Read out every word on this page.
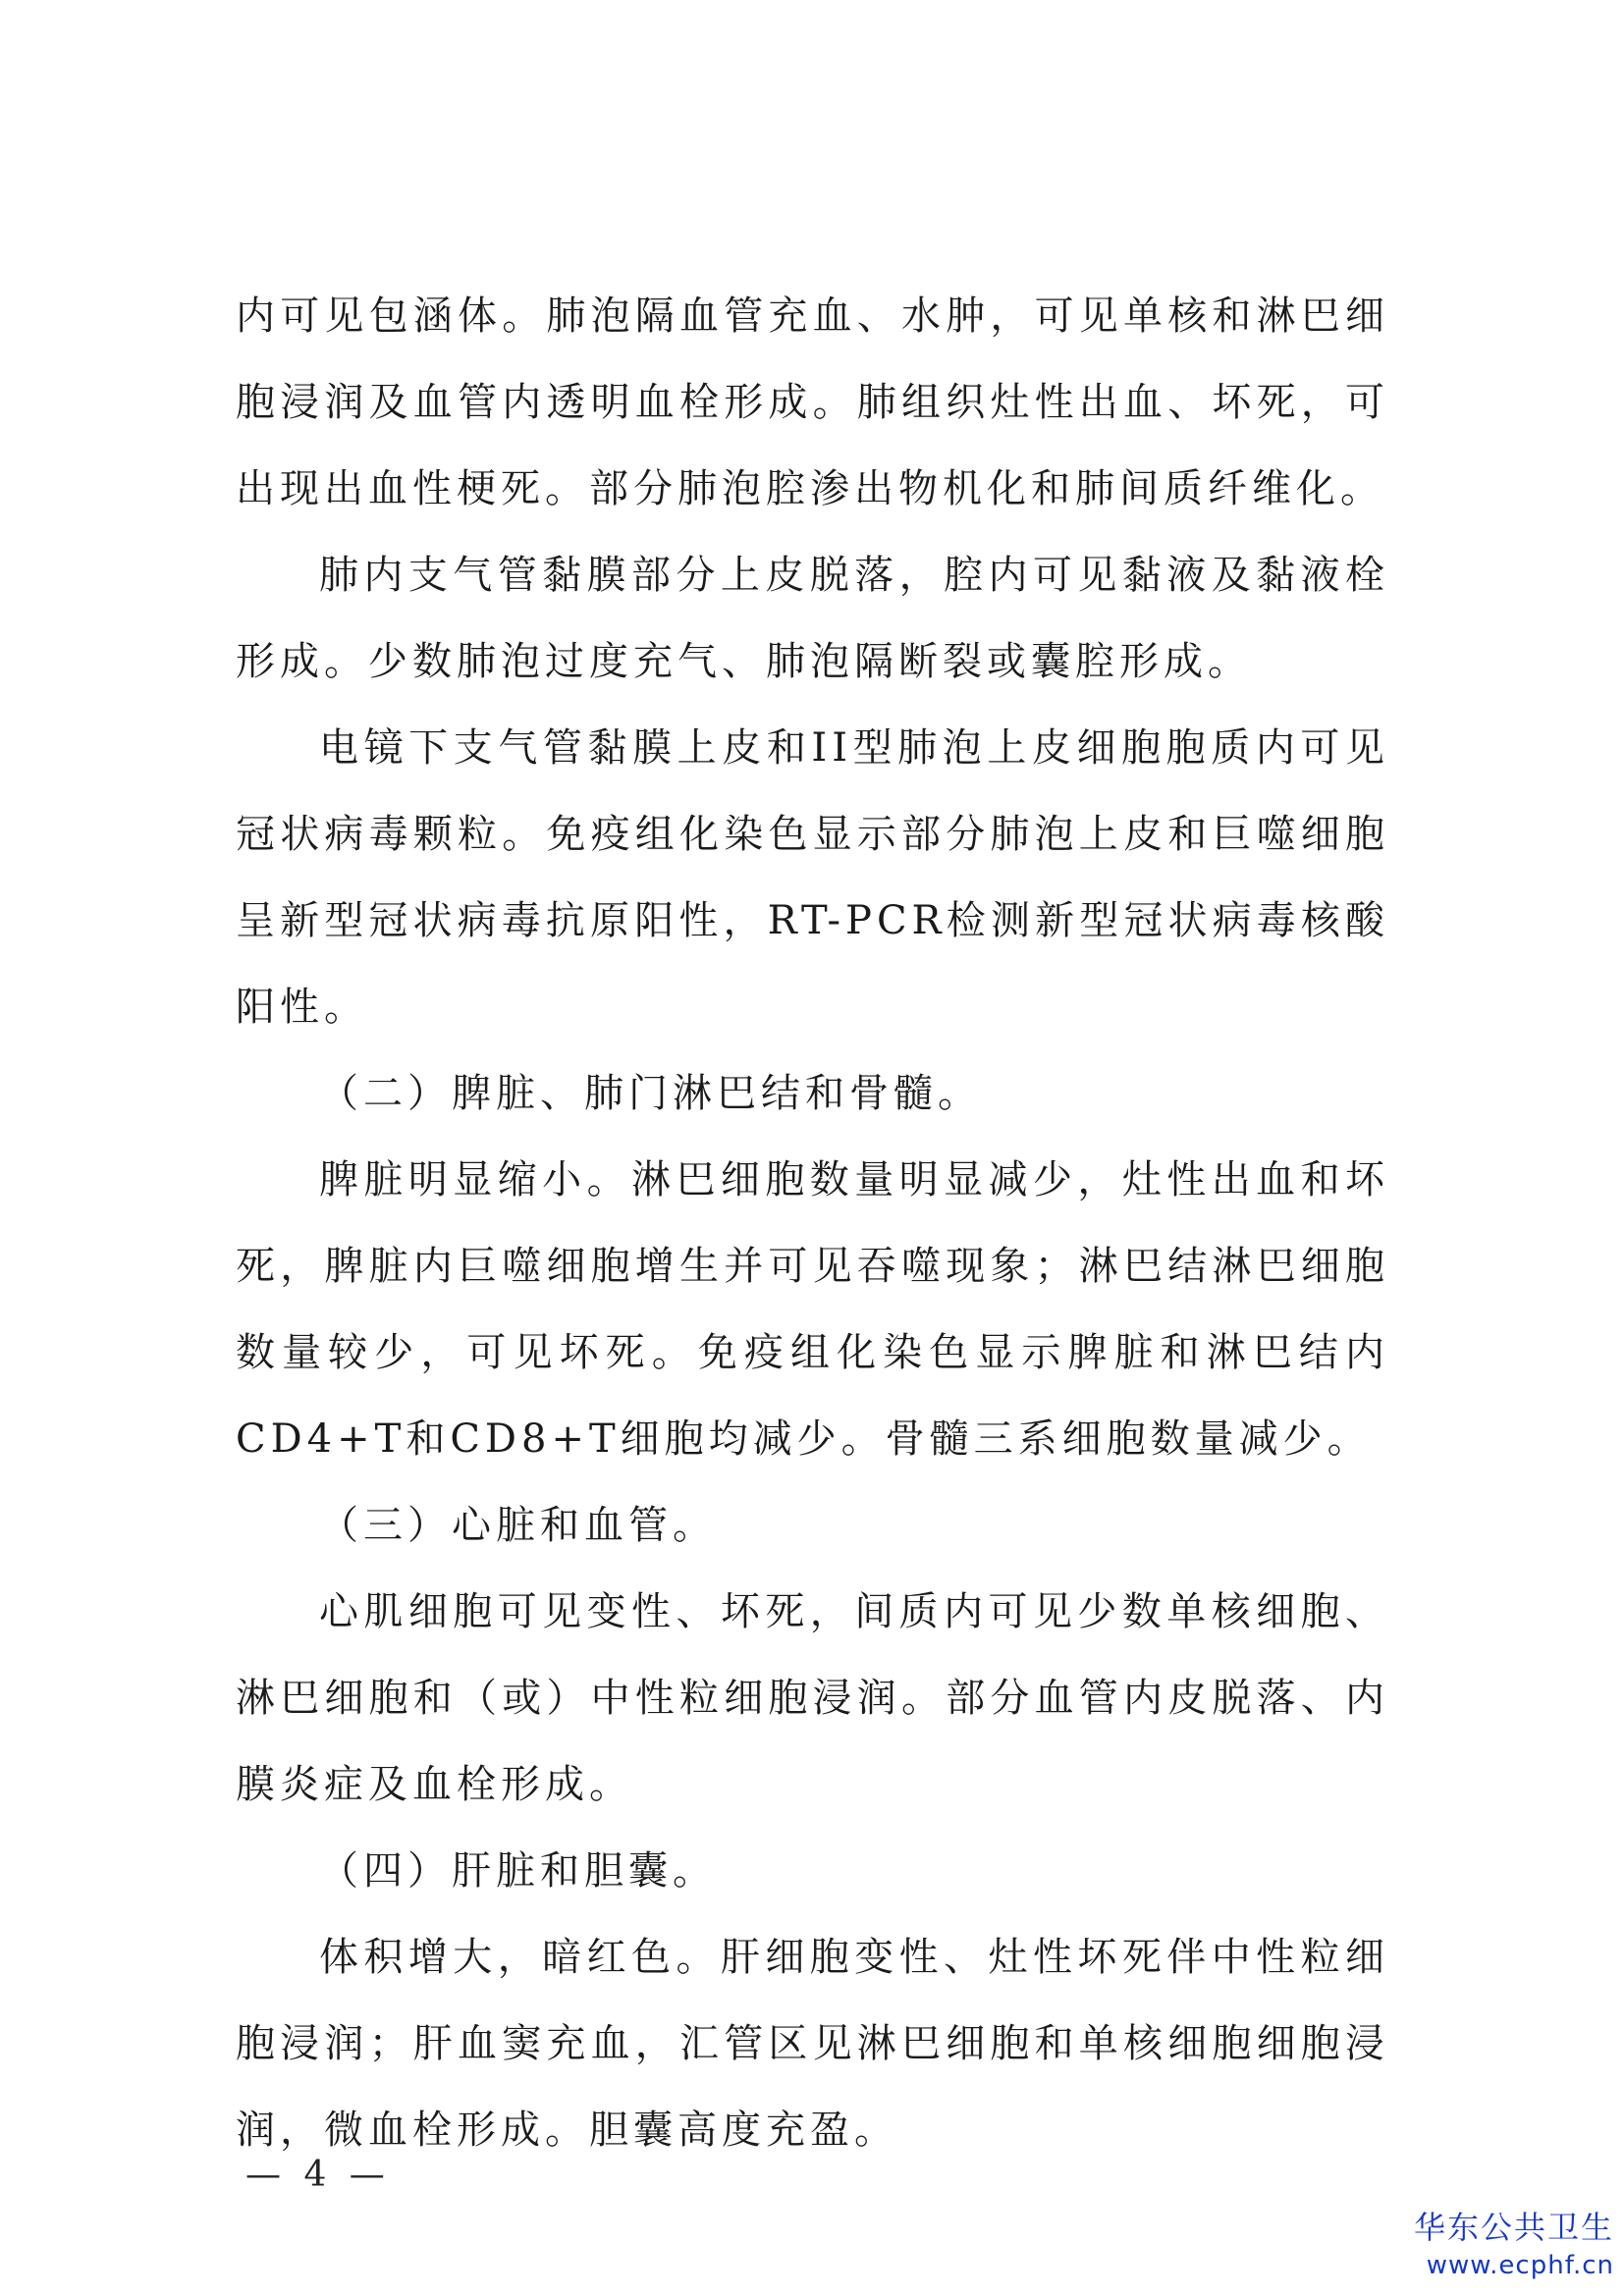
内可见包涵体。肺泡隔血管充血、水肿，可见单核和淋巴细胞浸润及血管内透明血栓形成。肺组织灶性出血、坏死，可出现出血性梗死。部分肺泡腔渗出物机化和肺间质纤维化。

肺内支气管黏膜部分上皮脱落，腔内可见黏液及黏液栓形成。少数肺泡过度充气、肺泡隔断裂或囊腔形成。

电镜下支气管黏膜上皮和II型肺泡上皮细胞胞质内可见冠状病毒颗粒。免疫组化染色显示部分肺泡上皮和巨噬细胞呈新型冠状病毒抗原阳性，RT-PCR检测新型冠状病毒核酸阳性。

（二）脾脏、肺门淋巴结和骨髓。

脾脏明显缩小。淋巴细胞数量明显减少，灶性出血和坏死，脾脏内巨噬细胞增生并可见吞噬现象；淋巴结淋巴细胞数量较少，可见坏死。免疫组化染色显示脾脏和淋巴结内CD4+T和CD8+T细胞均减少。骨髓三系细胞数量减少。

（三）心脏和血管。

心肌细胞可见变性、坏死，间质内可见少数单核细胞、淋巴细胞和（或）中性粒细胞浸润。部分血管内皮脱落、内膜炎症及血栓形成。

（四）肝脏和胆囊。

体积增大，暗红色。肝细胞变性、灶性坏死伴中性粒细胞浸润；肝血窦充血，汇管区见淋巴细胞和单核细胞细胞浸润，微血栓形成。胆囊高度充盈。

— 4 —
华东公共卫生
www.ecphf.cn
